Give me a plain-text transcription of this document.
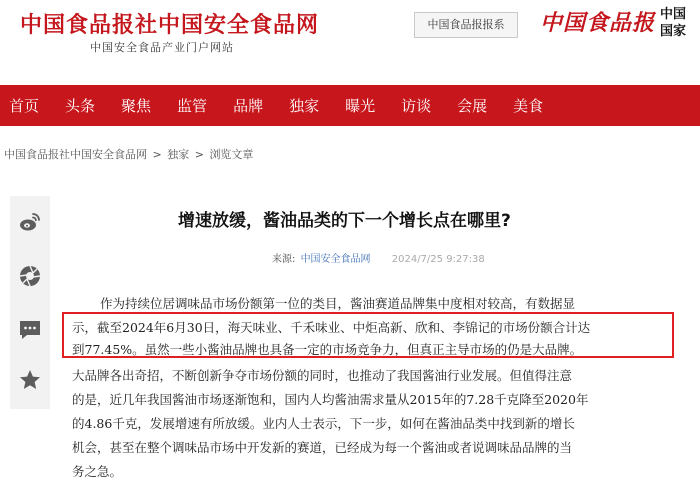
中国食品报社中国安全食品网
中国安全食品产业门户网站
中国食品报报系	中国食品报 中国
国家
首页 头条 聚焦 监管 品牌 独家 曝光 访谈 会展 美食
中国食品报社中国安全食品网 > 独家 > 浏览文章
增速放缓，酱油品类的下一个增长点在哪里?
来源: 中国安全食品网 2024/7/25 9:27:38
作为持续位居调味品市场份额第一位的类目，酱油赛道品牌集中度相对较高，有数据显
示，截至2024年6月30日，海天味业、千禾味业、中炬高新、欣和、李锦记的市场份额合计达
到77.45%。虽然一些小酱油品牌也具备一定的市场竞争力，但真正主导市场的仍是大品牌。
大品牌各出奇招，不断创新争夺市场份额的同时，也推动了我国酱油行业发展。但值得注意
的是，近几年我国酱油市场逐渐饱和，国内人均酱油需求量从2015年的7.28千克降至2020年
的4.86千克，发展增速有所放缓。业内人士表示，下一步，如何在酱油品类中找到新的增长
机会，甚至在整个调味品市场中开发新的赛道，已经成为每一个酱油或者说调味品品牌的当
务之急。
